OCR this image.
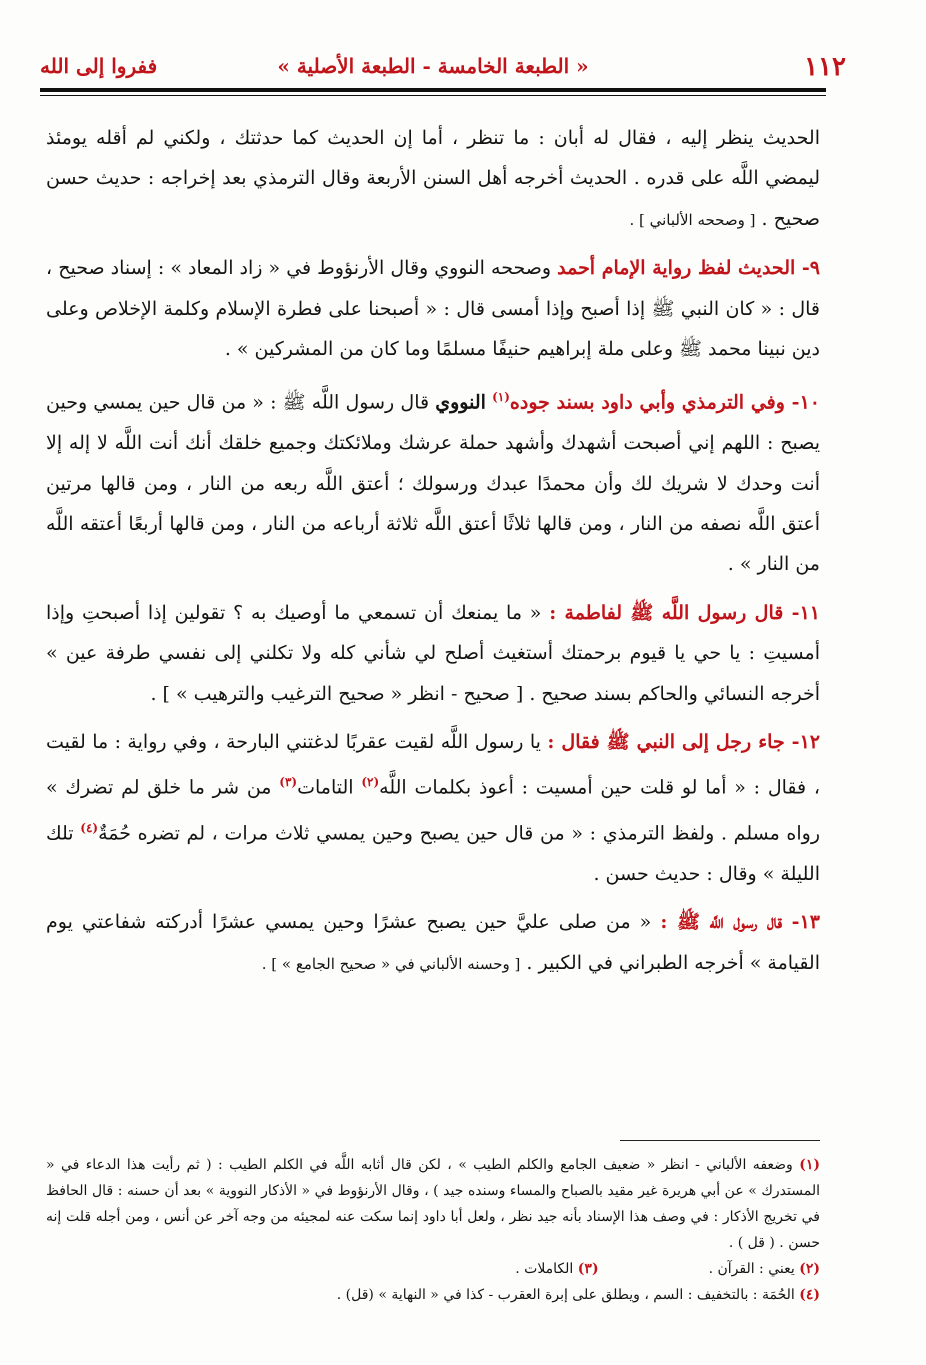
١١٢
« الطبعة الخامسة - الطبعة الأصلية »
ففروا إلى الله

الحديث ينظر إليه ، فقال له أبان : ما تنظر ، أما إن الحديث كما حدثتك ، ولكني لم أقله يومئذ ليمضي اللَّه على قدره . الحديث أخرجه أهل السنن الأربعة وقال الترمذي بعد إخراجه : حديث حسن صحيح . [ وصححه الألباني ] .

٩- الحديث لفظ رواية الإمام أحمد وصححه النووي وقال الأرنؤوط في « زاد المعاد » : إسناد صحيح ، قال : « كان النبي ﷺ إذا أصبح وإذا أمسى قال : « أصبحنا على فطرة الإسلام وكلمة الإخلاص وعلى دين نبينا محمد ﷺ وعلى ملة إبراهيم حنيفًا مسلمًا وما كان من المشركين » .

١٠- وفي الترمذي وأبي داود بسند جوده$^{(١)}$ النووي قال رسول اللَّه ﷺ : « من قال حين يمسي وحين يصبح : اللهم إني أصبحت أشهدك وأشهد حملة عرشك وملائكتك وجميع خلقك أنك أنت اللَّه لا إله إلا أنت وحدك لا شريك لك وأن محمدًا عبدك ورسولك ؛ أعتق اللَّه ربعه من النار ، ومن قالها مرتين أعتق اللَّه نصفه من النار ، ومن قالها ثلاثًا أعتق اللَّه ثلاثة أرباعه من النار ، ومن قالها أربعًا أعتقه اللَّه من النار » .

١١- قال رسول اللَّه ﷺ لفاطمة : « ما يمنعك أن تسمعي ما أوصيك به ؟ تقولين إذا أصبحتِ وإذا أمسيتِ : يا حي يا قيوم برحمتك أستغيث أصلح لي شأني كله ولا تكلني إلى نفسي طرفة عين » أخرجه النسائي والحاكم بسند صحيح . [ صحيح - انظر « صحيح الترغيب والترهيب » ] .

١٢- جاء رجل إلى النبي ﷺ فقال : يا رسول اللَّه لقيت عقربًا لدغتني البارحة ، وفي رواية : ما لقيت ، فقال : « أما لو قلت حين أمسيت : أعوذ بكلمات اللَّه$^{(٢)}$ التامات$^{(٣)}$ من شر ما خلق لم تضرك » رواه مسلم . ولفظ الترمذي : « من قال حين يصبح وحين يمسي ثلاث مرات ، لم تضره حُمَةٌ$^{(٤)}$ تلك الليلة » وقال : حديث حسن .

١٣- قال رسول اللَّه ﷺ : « من صلى عليَّ حين يصبح عشرًا وحين يمسي عشرًا أدركته شفاعتي يوم القيامة » أخرجه الطبراني في الكبير . [ وحسنه الألباني في « صحيح الجامع » ] .

(١) وضعفه الألباني - انظر « ضعيف الجامع والكلم الطيب » ، لكن قال أثابه اللَّه في الكلم الطيب : ( ثم رأيت هذا الدعاء في « المستدرك » عن أبي هريرة غير مقيد بالصباح والمساء وسنده جيد ) ، وقال الأرنؤوط في « الأذكار النووية » بعد أن حسنه : قال الحافظ في تخريج الأذكار : في وصف هذا الإسناد بأنه جيد نظر ، ولعل أبا داود إنما سكت عنه لمجيئه من وجه آخر عن أنس ، ومن أجله قلت إنه حسن . ( قل ) .

(٢) يعني : القرآن .

(٣) الكاملات .

(٤) الحُمَة : بالتخفيف : السم ، ويطلق على إبرة العقرب - كذا في « النهاية » (قل) .
